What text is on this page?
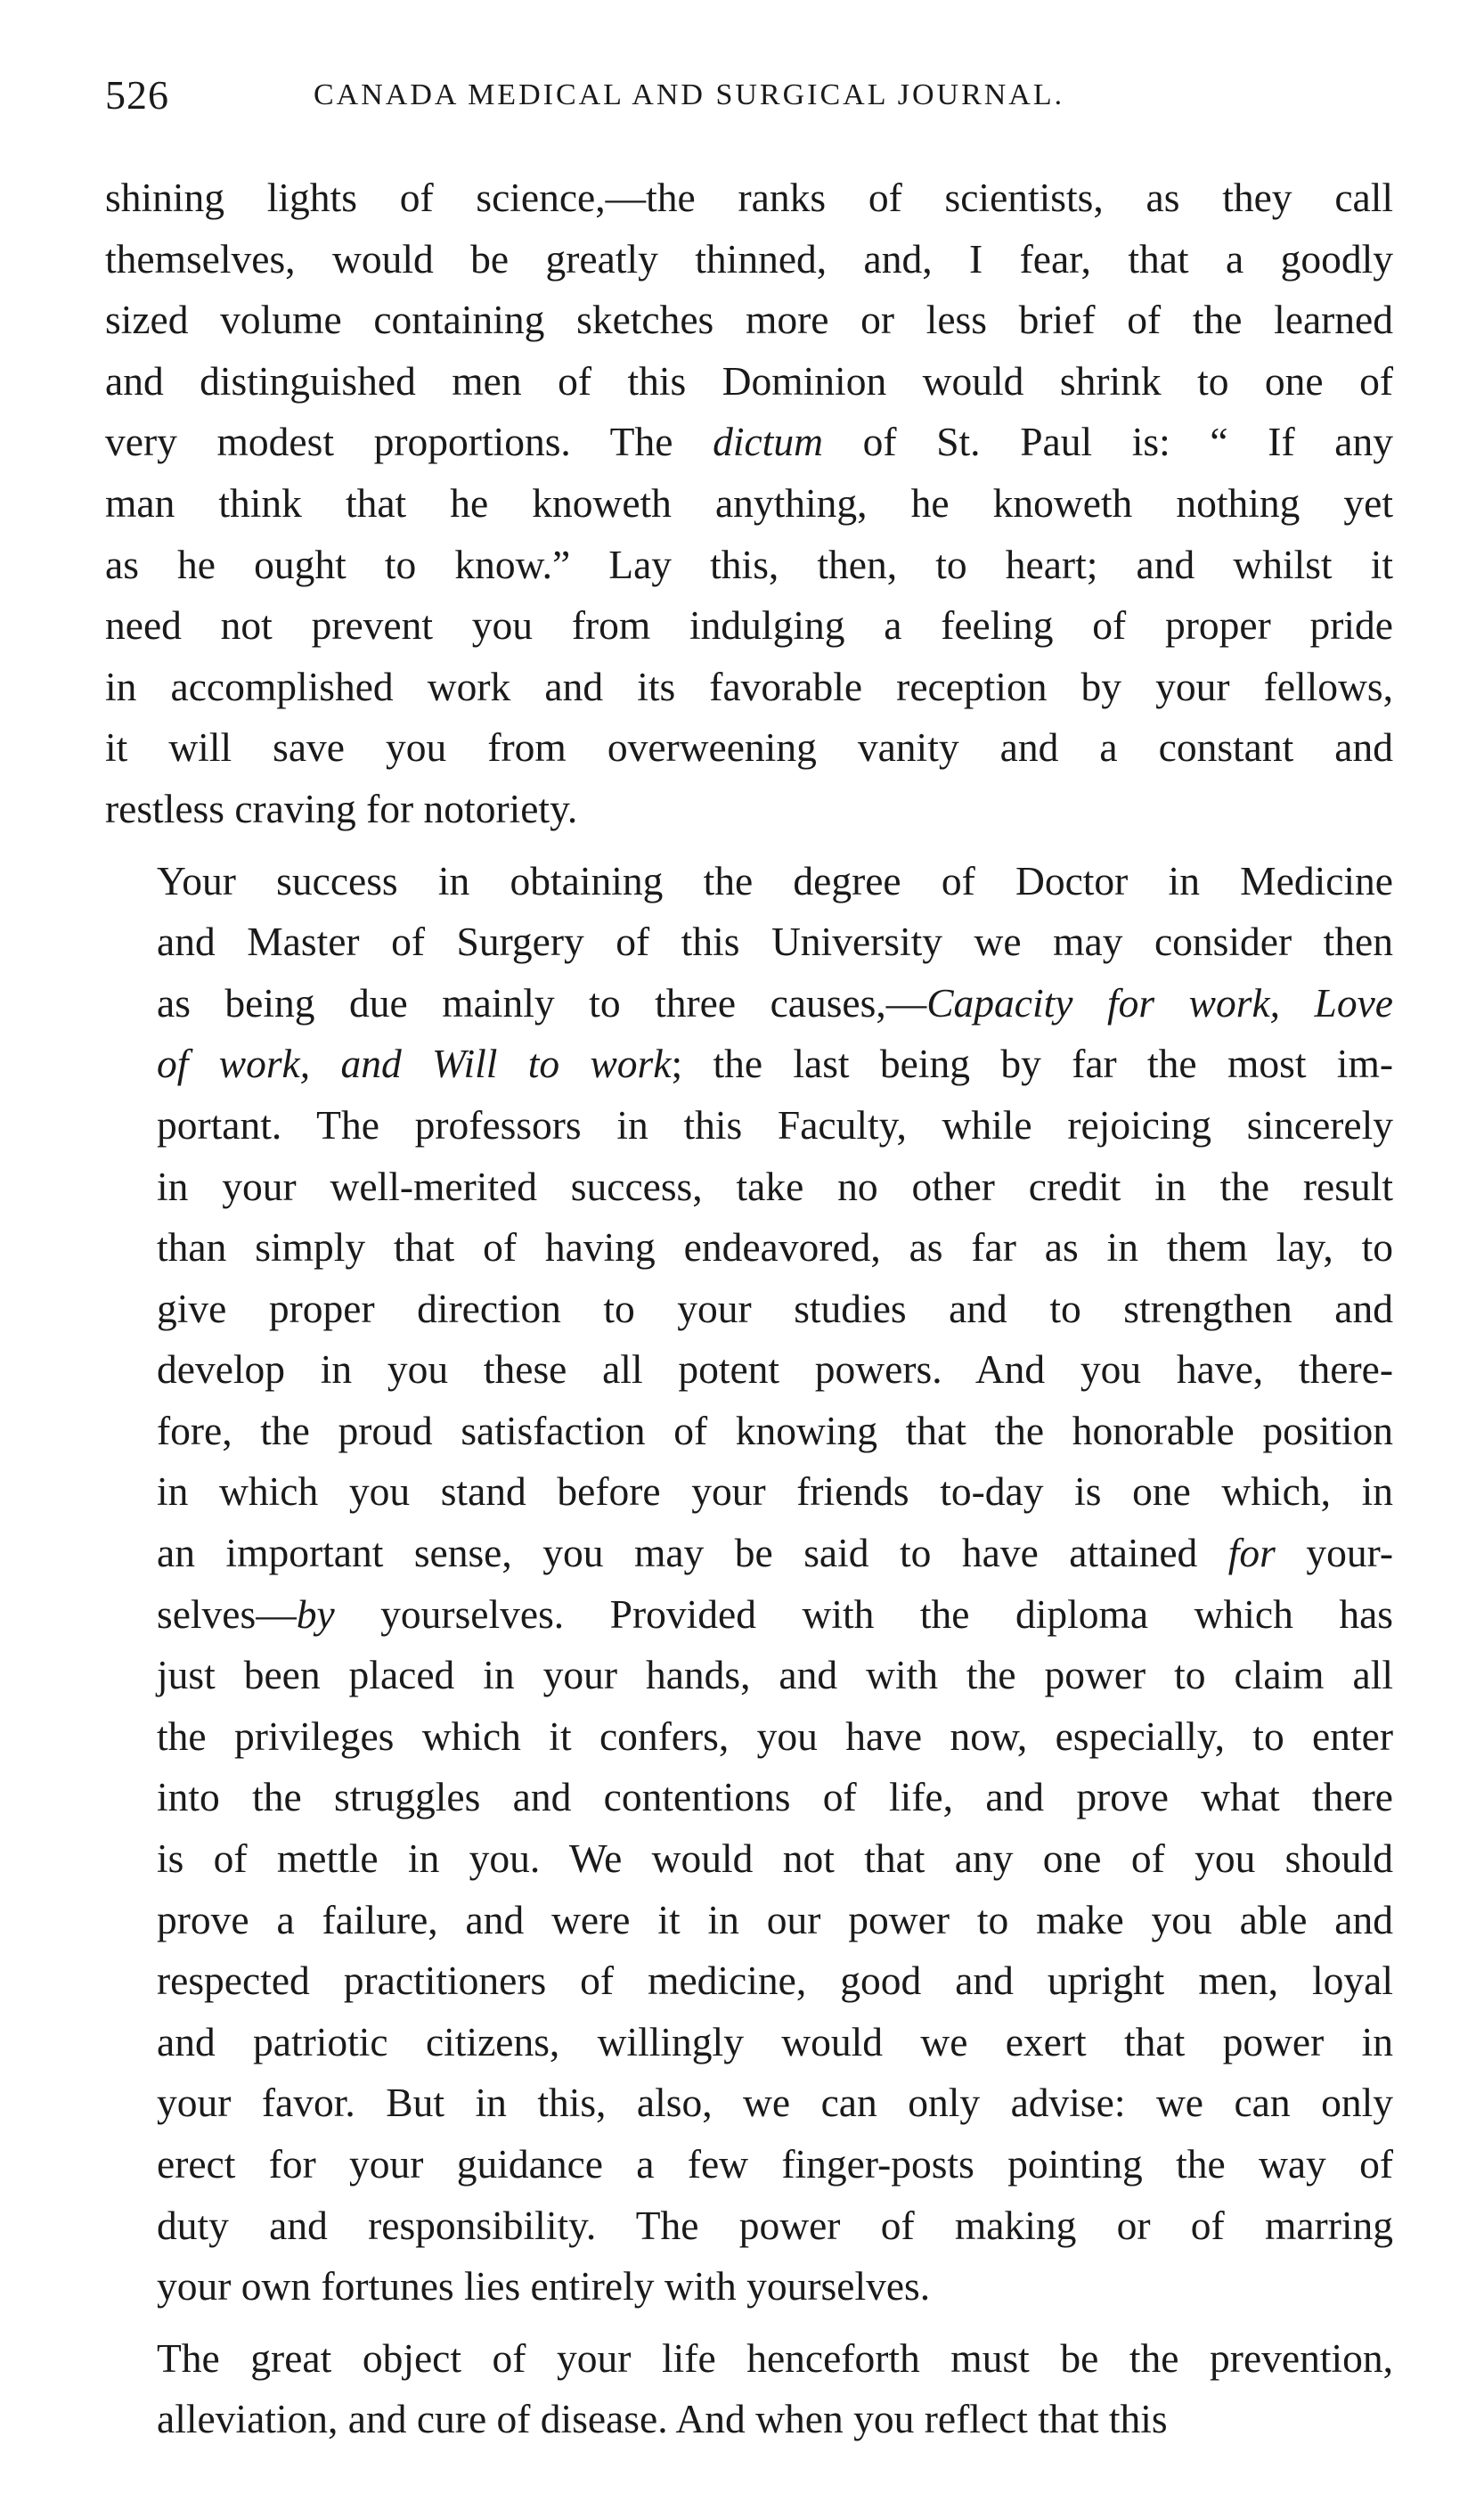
526	CANADA MEDICAL AND SURGICAL JOURNAL.
shining lights of science,—the ranks of scientists, as they call
themselves, would be greatly thinned, and, I fear, that a goodly
sized volume containing sketches more or less brief of the learned
and distinguished men of this Dominion would shrink to one of
very modest proportions. The dictum of St. Paul is: “ If any
man think that he knoweth anything, he knoweth nothing yet
as he ought to know.” Lay this, then, to heart; and whilst it
need not prevent you from indulging a feeling of proper pride
in accomplished work and its favorable reception by your fellows,
it will save you from overweening vanity and a constant and
restless craving for notoriety.
Your success in obtaining the degree of Doctor in Medicine
and Master of Surgery of this University we may consider then
as being due mainly to three causes,—Capacity for work, Love
of work, and Will to work; the last being by far the most im-
portant. The professors in this Faculty, while rejoicing sincerely
in your well-merited success, take no other credit in the result
than simply that of having endeavored, as far as in them lay, to
give proper direction to your studies and to strengthen and
develop in you these all potent powers. And you have, there-
fore, the proud satisfaction of knowing that the honorable position
in which you stand before your friends to-day is one which, in
an important sense, you may be said to have attained for your-
selves—by yourselves. Provided with the diploma which has
just been placed in your hands, and with the power to claim all
the privileges which it confers, you have now, especially, to enter
into the struggles and contentions of life, and prove what there
is of mettle in you. We would not that any one of you should
prove a failure, and were it in our power to make you able and
respected practitioners of medicine, good and upright men, loyal
and patriotic citizens, willingly would we exert that power in
your favor. But in this, also, we can only advise: we can only
erect for your guidance a few finger-posts pointing the way of
duty and responsibility. The power of making or of marring
your own fortunes lies entirely with yourselves.
The great object of your life henceforth must be the prevention,
alleviation, and cure of disease. And when you reflect that this
